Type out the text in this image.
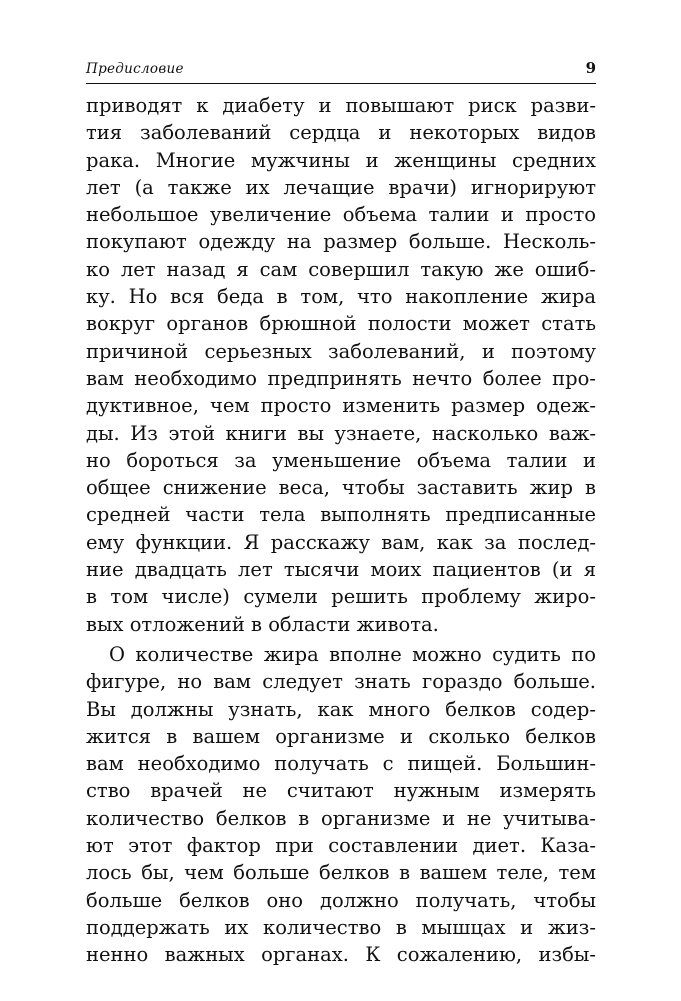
Предисловие	9
приводят к диабету и повышают риск разви-
тия заболеваний сердца и некоторых видов
рака. Многие мужчины и женщины средних
лет (а также их лечащие врачи) игнорируют
небольшое увеличение объема талии и просто
покупают одежду на размер больше. Несколь-
ко лет назад я сам совершил такую же ошиб-
ку. Но вся беда в том, что накопление жира
вокруг органов брюшной полости может стать
причиной серьезных заболеваний, и поэтому
вам необходимо предпринять нечто более про-
дуктивное, чем просто изменить размер одеж-
ды. Из этой книги вы узнаете, насколько важ-
но бороться за уменьшение объема талии и
общее снижение веса, чтобы заставить жир в
средней части тела выполнять предписанные
ему функции. Я расскажу вам, как за послед-
ние двадцать лет тысячи моих пациентов (и я
в том числе) сумели решить проблему жиро-
вых отложений в области живота.
О количестве жира вполне можно судить по
фигуре, но вам следует знать гораздо больше.
Вы должны узнать, как много белков содер-
жится в вашем организме и сколько белков
вам необходимо получать с пищей. Большин-
ство врачей не считают нужным измерять
количество белков в организме и не учитыва-
ют этот фактор при составлении диет. Каза-
лось бы, чем больше белков в вашем теле, тем
больше белков оно должно получать, чтобы
поддержать их количество в мышцах и жиз-
ненно важных органах. К сожалению, избы-
